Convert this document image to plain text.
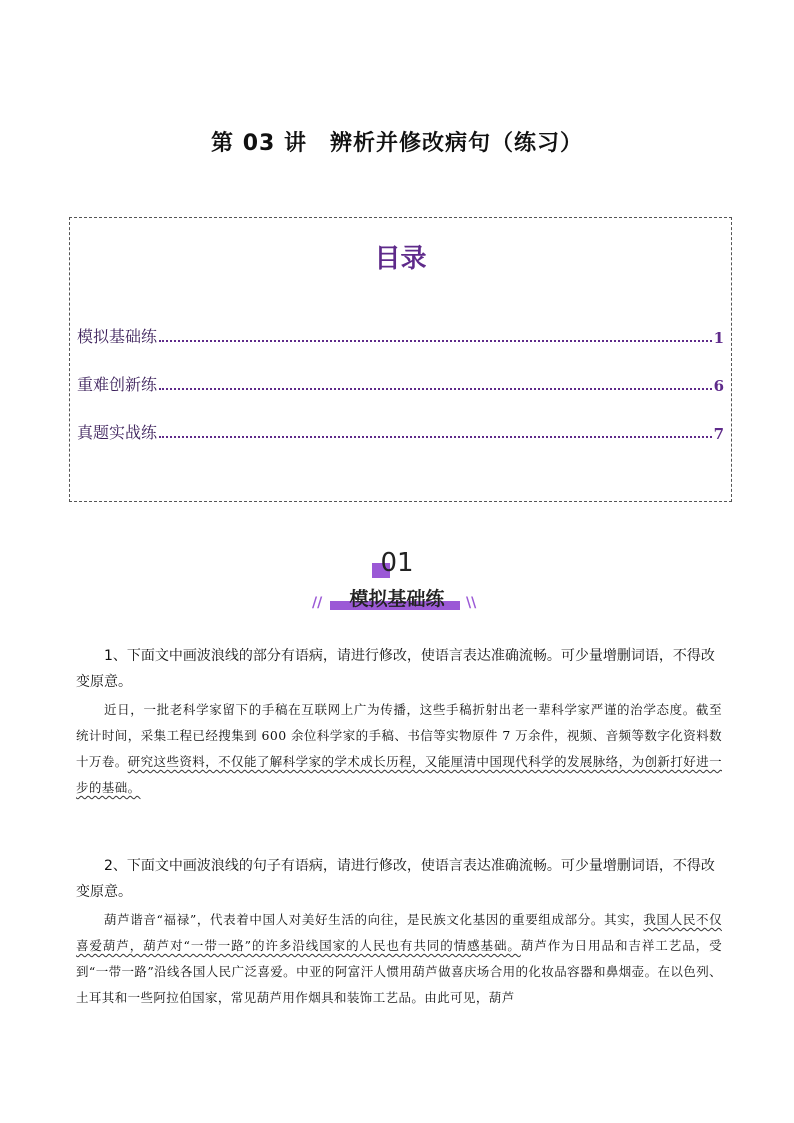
第 03 讲　辨析并修改病句（练习）
目录
模拟基础练	1
重难创新练	6
真题实战练	7
01
//	模拟基础练	\\

1、下面文中画波浪线的部分有语病，请进行修改，使语言表达准确流畅。可少量增删词语，不得改变原意。

近日，一批老科学家留下的手稿在互联网上广为传播，这些手稿折射出老一辈科学家严谨的治学态度。截至统计时间，采集工程已经搜集到 600 余位科学家的手稿、书信等实物原件 7 万余件，视频、音频等数字化资料数十万卷。研究这些资料，不仅能了解科学家的学术成长历程，又能厘清中国现代科学的发展脉络，为创新打好进一步的基础。

2、下面文中画波浪线的句子有语病，请进行修改，使语言表达准确流畅。可少量增删词语，不得改变原意。

葫芦谐音“福禄”，代表着中国人对美好生活的向往，是民族文化基因的重要组成部分。其实，我国人民不仅喜爱葫芦，葫芦对“一带一路”的许多沿线国家的人民也有共同的情感基础。葫芦作为日用品和吉祥工艺品，受到“一带一路”沿线各国人民广泛喜爱。中亚的阿富汗人惯用葫芦做喜庆场合用的化妆品容器和鼻烟壶。在以色列、土耳其和一些阿拉伯国家，常见葫芦用作烟具和装饰工艺品。由此可见，葫芦
